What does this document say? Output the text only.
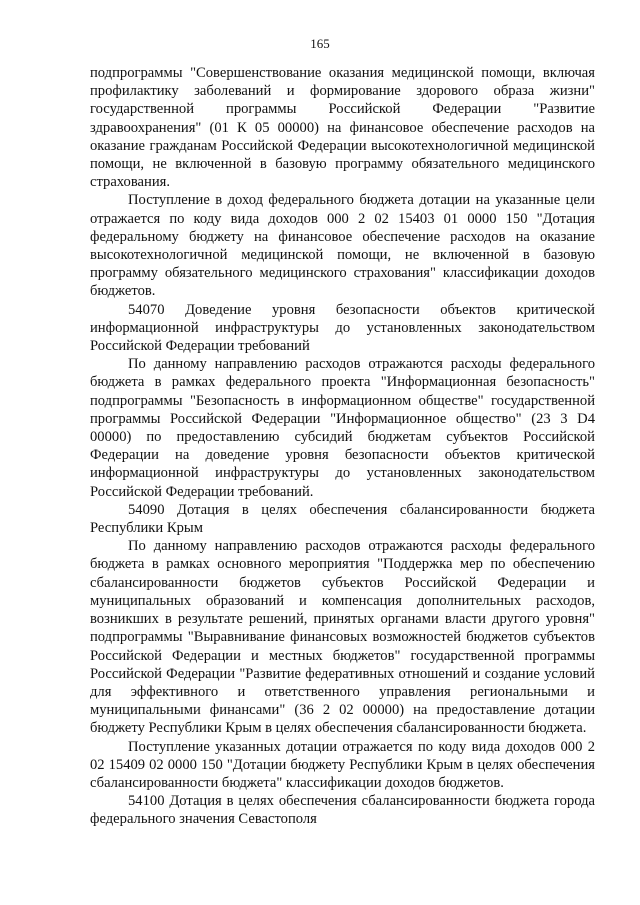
165

подпрограммы "Совершенствование оказания медицинской помощи, включая профилактику заболеваний и формирование здорового образа жизни" государственной программы Российской Федерации "Развитие здравоохранения" (01 К 05 00000) на финансовое обеспечение расходов на оказание гражданам Российской Федерации высокотехнологичной медицинской помощи, не включенной в базовую программу обязательного медицинского страхования.

Поступление в доход федерального бюджета дотации на указанные цели отражается по коду вида доходов 000 2 02 15403 01 0000 150 "Дотация федеральному бюджету на финансовое обеспечение расходов на оказание высокотехнологичной медицинской помощи, не включенной в базовую программу обязательного медицинского страхования" классификации доходов бюджетов.

54070 Доведение уровня безопасности объектов критической информационной инфраструктуры до установленных законодательством Российской Федерации требований

По данному направлению расходов отражаются расходы федерального бюджета в рамках федерального проекта "Информационная безопасность" подпрограммы "Безопасность в информационном обществе" государственной программы Российской Федерации "Информационное общество" (23 3 D4 00000) по предоставлению субсидий бюджетам субъектов Российской Федерации на доведение уровня безопасности объектов критической информационной инфраструктуры до установленных законодательством Российской Федерации требований.

54090 Дотация в целях обеспечения сбалансированности бюджета Республики Крым

По данному направлению расходов отражаются расходы федерального бюджета в рамках основного мероприятия "Поддержка мер по обеспечению сбалансированности бюджетов субъектов Российской Федерации и муниципальных образований и компенсация дополнительных расходов, возникших в результате решений, принятых органами власти другого уровня" подпрограммы "Выравнивание финансовых возможностей бюджетов субъектов Российской Федерации и местных бюджетов" государственной программы Российской Федерации "Развитие федеративных отношений и создание условий для эффективного и ответственного управления региональными и муниципальными финансами" (36 2 02 00000) на предоставление дотации бюджету Республики Крым в целях обеспечения сбалансированности бюджета.

Поступление указанных дотации отражается по коду вида доходов 000 2 02 15409 02 0000 150 "Дотации бюджету Республики Крым в целях обеспечения сбалансированности бюджета" классификации доходов бюджетов.

54100 Дотация в целях обеспечения сбалансированности бюджета города федерального значения Севастополя
